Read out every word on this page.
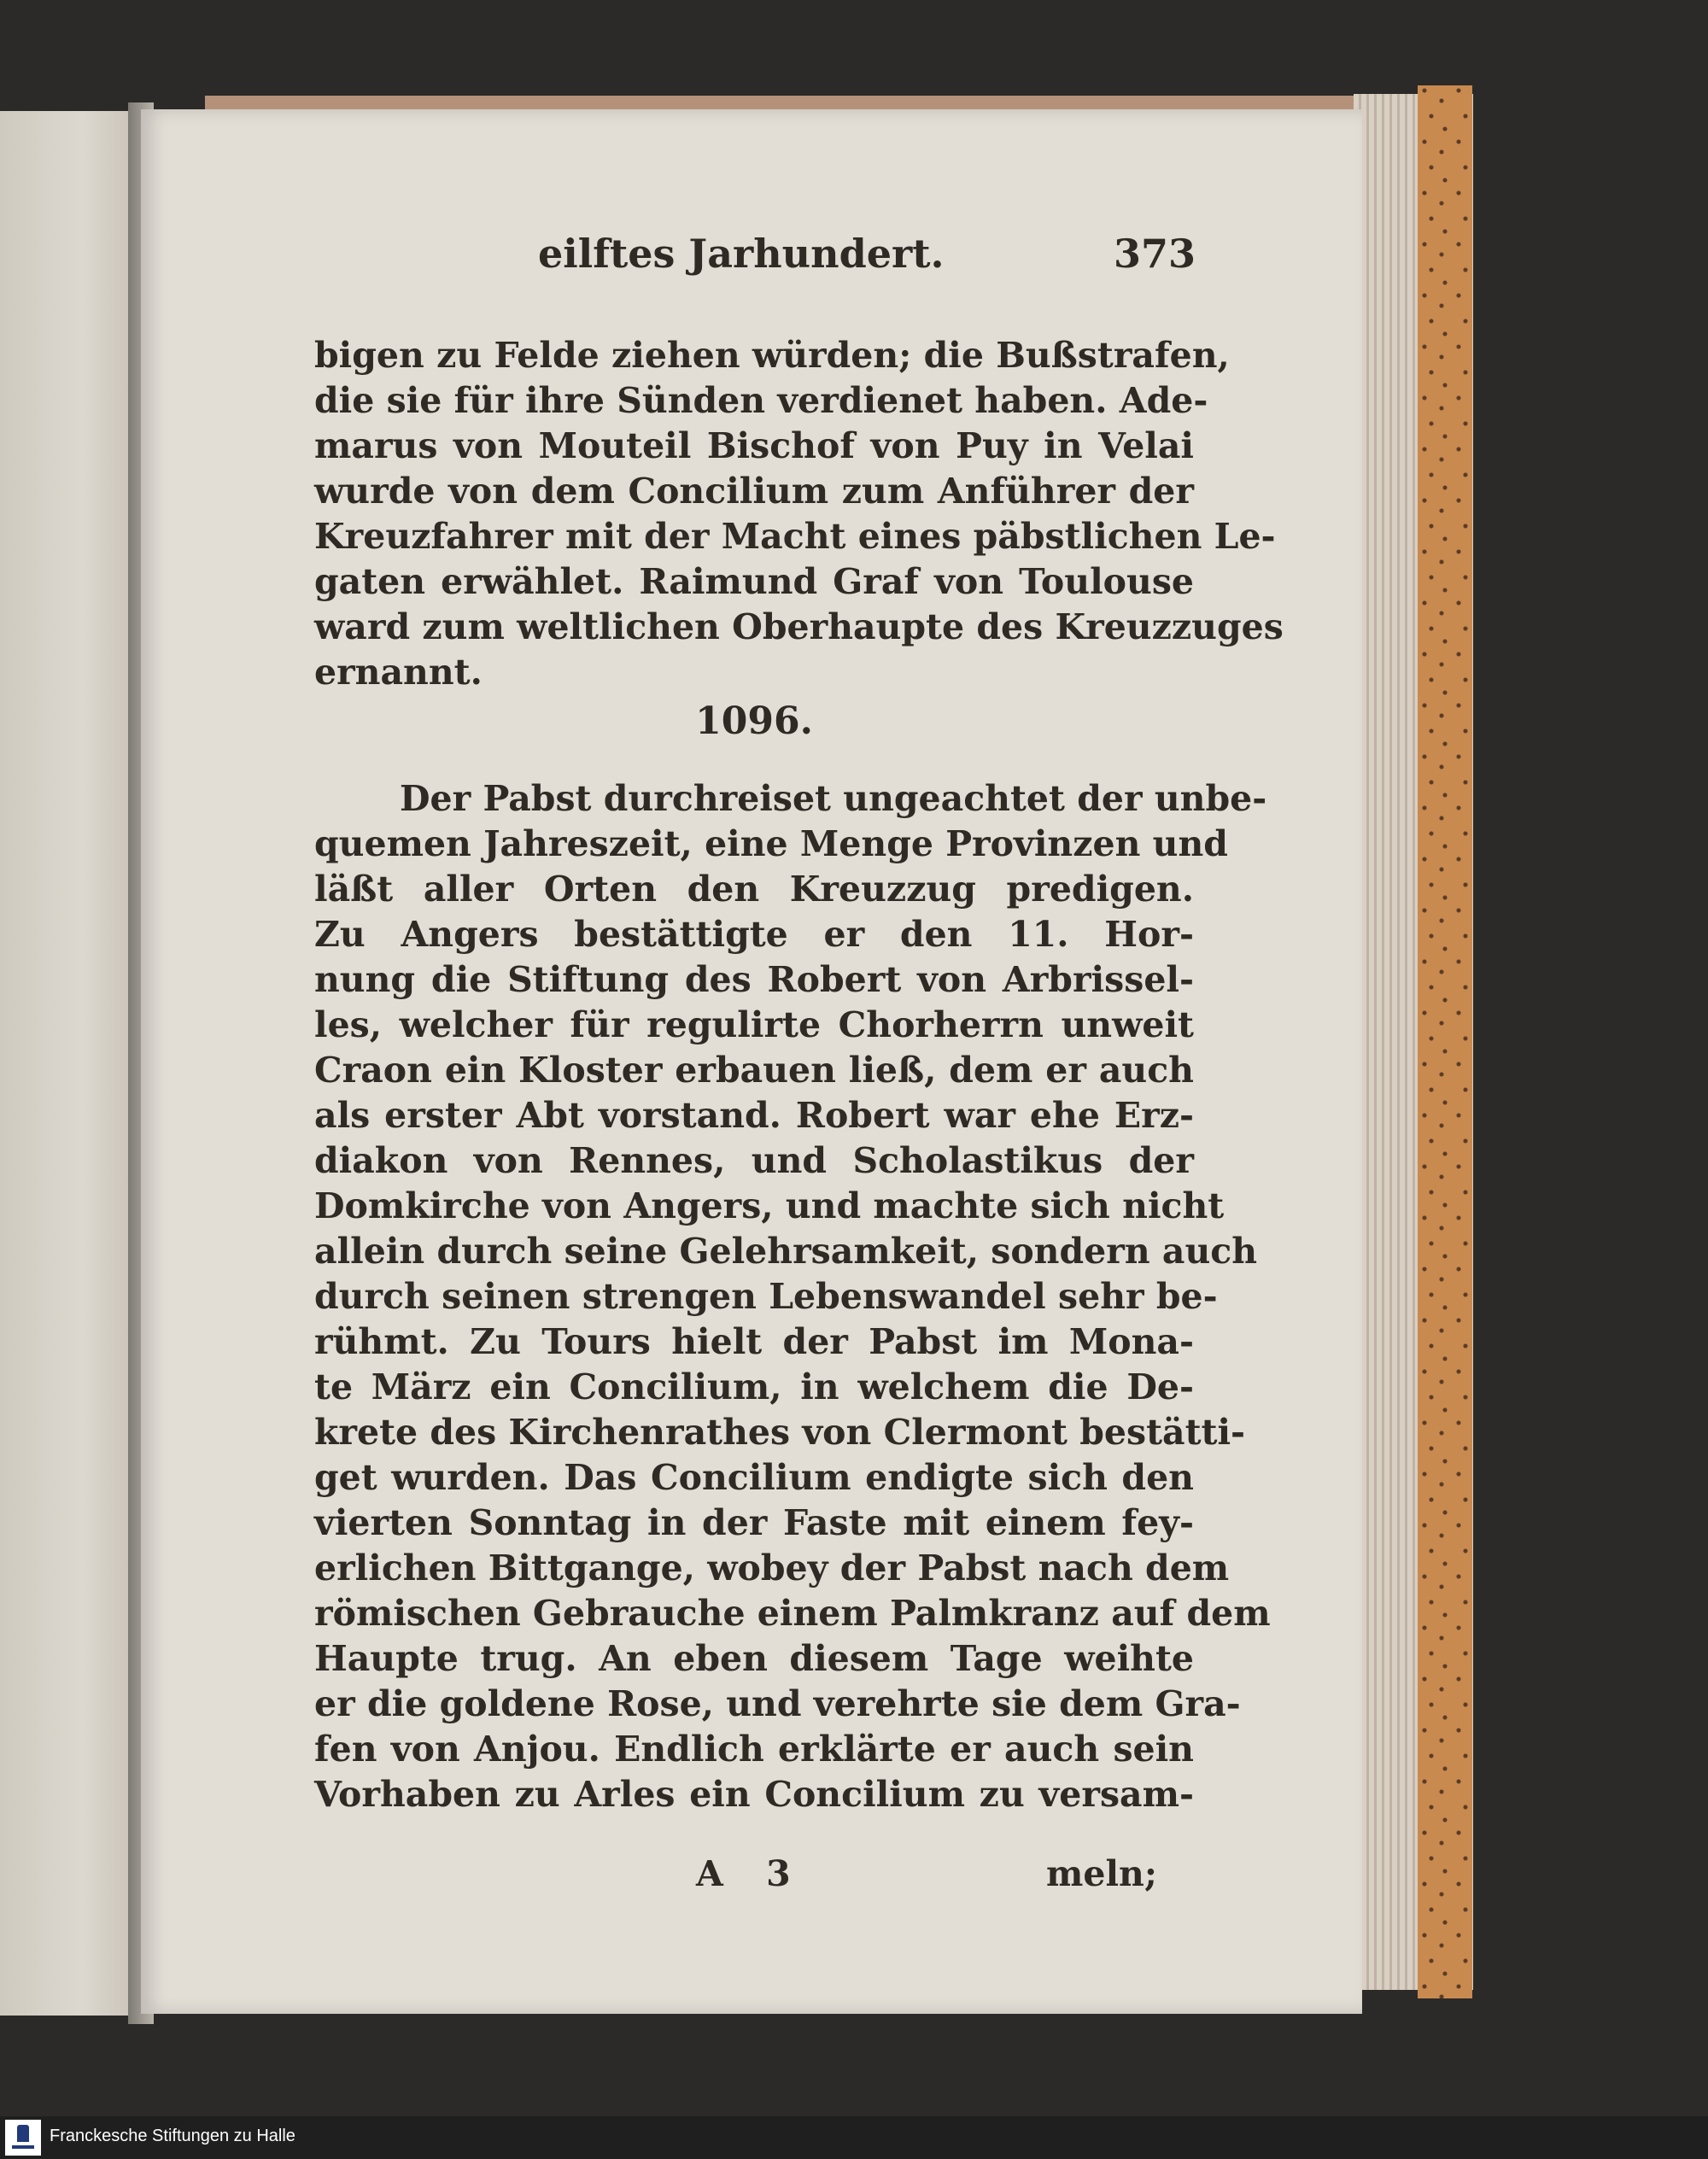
eilftes Jarhundert.	373
bigen zu Felde ziehen würden; die Bußstrafen,
die sie für ihre Sünden verdienet haben. Ade-
marus von Mouteil Bischof von Puy in Velai
wurde von dem Concilium zum Anführer der
Kreuzfahrer mit der Macht eines päbstlichen Le-
gaten erwählet. Raimund Graf von Toulouse
ward zum weltlichen Oberhaupte des Kreuzzuges
ernannt.
1096.
Der Pabst durchreiset ungeachtet der unbe-
quemen Jahreszeit, eine Menge Provinzen und
läßt aller Orten den Kreuzzug predigen.
Zu Angers bestättigte er den 11. Hor-
nung die Stiftung des Robert von Arbrissel-
les, welcher für regulirte Chorherrn unweit
Craon ein Kloster erbauen ließ, dem er auch
als erster Abt vorstand. Robert war ehe Erz-
diakon von Rennes, und Scholastikus der
Domkirche von Angers, und machte sich nicht
allein durch seine Gelehrsamkeit, sondern auch
durch seinen strengen Lebenswandel sehr be-
rühmt. Zu Tours hielt der Pabst im Mona-
te März ein Concilium, in welchem die De-
krete des Kirchenrathes von Clermont bestätti-
get wurden. Das Concilium endigte sich den
vierten Sonntag in der Faste mit einem fey-
erlichen Bittgange, wobey der Pabst nach dem
römischen Gebrauche einem Palmkranz auf dem
Haupte trug. An eben diesem Tage weihte
er die goldene Rose, und verehrte sie dem Gra-
fen von Anjou. Endlich erklärte er auch sein
Vorhaben zu Arles ein Concilium zu versam-
A 3	meln;
Franckesche Stiftungen zu Halle
